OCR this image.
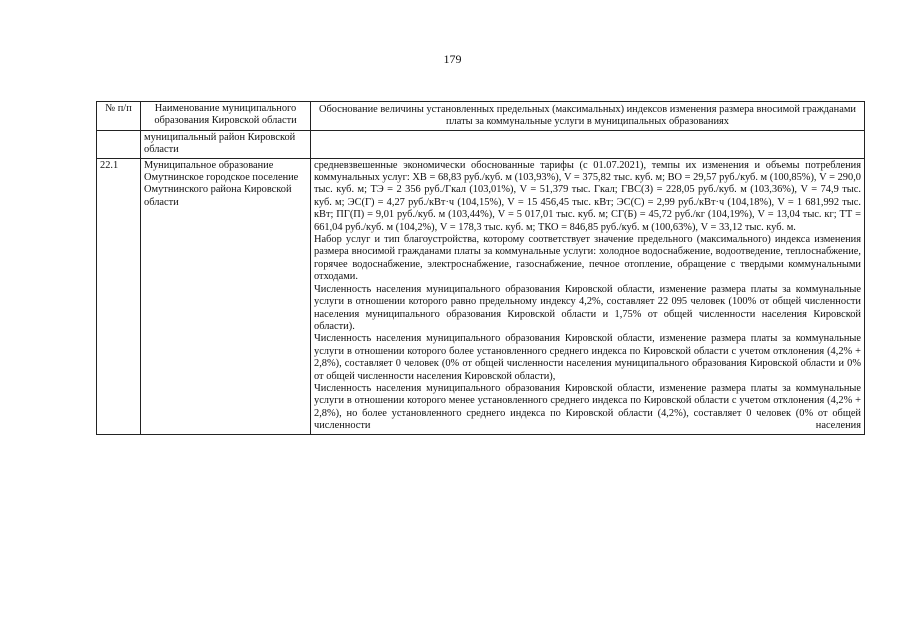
179
№ п/п	Наименование муниципального образования Кировской области	Обоснование величины установленных предельных (максимальных) индексов изменения размера вносимой гражданами платы за коммунальные услуги в муниципальных образованиях
	муниципальный район Кировской области	
22.1	Муниципальное образование Омутнинское городское поселение Омутнинского района Кировской области	средневзвешенные экономически обоснованные тарифы (с 01.07.2021), темпы их изменения и объемы потребления коммунальных услуг: ХВ = 68,83 руб./куб. м (103,93%), V = 375,82 тыс. куб. м; ВО = 29,57 руб./куб. м (100,85%), V = 290,0 тыс. куб. м; ТЭ = 2 356 руб./Гкал (103,01%), V = 51,379 тыс. Гкал; ГВС(З) = 228,05 руб./куб. м (103,36%), V = 74,9 тыс. куб. м; ЭС(Г) = 4,27 руб./кВт·ч (104,15%), V = 15 456,45 тыс. кВт; ЭС(С) = 2,99 руб./кВт·ч (104,18%), V = 1 681,992 тыс. кВт; ПГ(П) = 9,01 руб./куб. м (103,44%), V = 5 017,01 тыс. куб. м; СГ(Б) = 45,72 руб./кг (104,19%), V = 13,04 тыс. кг; ТТ = 661,04 руб./куб. м (104,2%), V = 178,3 тыс. куб. м; ТКО = 846,85 руб./куб. м (100,63%), V = 33,12 тыс. куб. м.
Набор услуг и тип благоустройства, которому соответствует значение предельного (максимального) индекса изменения размера вносимой гражданами платы за коммунальные услуги: холодное водоснабжение, водоотведение, теплоснабжение, горячее водоснабжение, электроснабжение, газоснабжение, печное отопление, обращение с твердыми коммунальными отходами.
Численность населения муниципального образования Кировской области, изменение размера платы за коммунальные услуги в отношении которого равно предельному индексу 4,2%, составляет 22 095 человек (100% от общей численности населения муниципального образования Кировской области и 1,75% от общей численности населения Кировской области).
Численность населения муниципального образования Кировской области, изменение размера платы за коммунальные услуги в отношении которого более установленного среднего индекса по Кировской области с учетом отклонения (4,2% + 2,8%), составляет 0 человек (0% от общей численности населения муниципального образования Кировской области и 0% от общей численности населения Кировской области),
Численность населения муниципального образования Кировской области, изменение размера платы за коммунальные услуги в отношении которого менее установленного среднего индекса по Кировской области с учетом отклонения (4,2% + 2,8%), но более установленного среднего индекса по Кировской области (4,2%), составляет 0 человек (0% от общей численности населения
